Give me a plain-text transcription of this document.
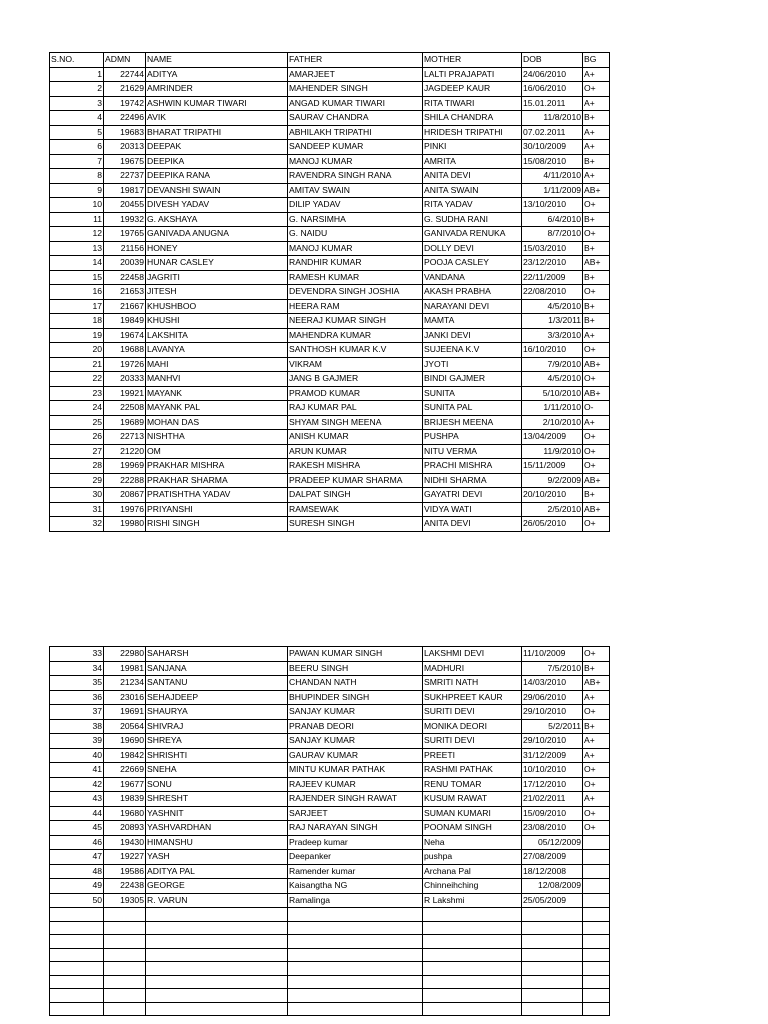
S.NO.	ADMN	NAME	FATHER	MOTHER	DOB	BG
1	22744	ADITYA	AMARJEET	LALTI PRAJAPATI	24/06/2010	A+
2	21629	AMRINDER	MAHENDER SINGH	JAGDEEP KAUR	16/06/2010	O+
3	19742	ASHWIN KUMAR TIWARI	ANGAD KUMAR TIWARI	RITA TIWARI	15.01.2011	A+
4	22496	AVIK	SAURAV CHANDRA	SHILA CHANDRA	11/8/2010	B+
5	19683	BHARAT TRIPATHI	ABHILAKH TRIPATHI	HRIDESH TRIPATHI	07.02.2011	A+
6	20313	DEEPAK	SANDEEP KUMAR	PINKI	30/10/2009	A+
7	19675	DEEPIKA	MANOJ KUMAR	AMRITA	15/08/2010	B+
8	22737	DEEPIKA RANA	RAVENDRA SINGH RANA	ANITA DEVI	4/11/2010	A+
9	19817	DEVANSHI SWAIN	AMITAV SWAIN	ANITA SWAIN	1/11/2009	AB+
10	20455	DIVESH YADAV	DILIP YADAV	RITA YADAV	13/10/2010	O+
11	19932	G. AKSHAYA	G. NARSIMHA	G. SUDHA RANI	6/4/2010	B+
12	19765	GANIVADA ANUGNA	G. NAIDU	GANIVADA RENUKA	8/7/2010	O+
13	21156	HONEY	MANOJ KUMAR	DOLLY DEVI	15/03/2010	B+
14	20039	HUNAR CASLEY	RANDHIR KUMAR	POOJA CASLEY	23/12/2010	AB+
15	22458	JAGRITI	RAMESH KUMAR	VANDANA	22/11/2009	B+
16	21653	JITESH	DEVENDRA SINGH JOSHIA	AKASH PRABHA	22/08/2010	O+
17	21667	KHUSHBOO	HEERA RAM	NARAYANI DEVI	4/5/2010	B+
18	19849	KHUSHI	NEERAJ KUMAR SINGH	MAMTA	1/3/2011	B+
19	19674	LAKSHITA	MAHENDRA KUMAR	JANKI DEVI	3/3/2010	A+
20	19688	LAVANYA	SANTHOSH KUMAR K.V	SUJEENA K.V	16/10/2010	O+
21	19726	MAHI	VIKRAM	JYOTI	7/9/2010	AB+
22	20333	MANHVI	JANG B GAJMER	BINDI GAJMER	4/5/2010	O+
23	19921	MAYANK	PRAMOD KUMAR	SUNITA	5/10/2010	AB+
24	22508	MAYANK PAL	RAJ KUMAR PAL	SUNITA PAL	1/11/2010	O-
25	19689	MOHAN DAS	SHYAM SINGH MEENA	BRIJESH MEENA	2/10/2010	A+
26	22713	NISHTHA	ANISH KUMAR	PUSHPA	13/04/2009	O+
27	21220	OM	ARUN KUMAR	NITU VERMA	11/9/2010	O+
28	19969	PRAKHAR MISHRA	RAKESH MISHRA	PRACHI MISHRA	15/11/2009	O+
29	22288	PRAKHAR SHARMA	PRADEEP KUMAR SHARMA	NIDHI SHARMA	9/2/2009	AB+
30	20867	PRATISHTHA YADAV	DALPAT SINGH	GAYATRI DEVI	20/10/2010	B+
31	19976	PRIYANSHI	RAMSEWAK	VIDYA WATI	2/5/2010	AB+
32	19980	RISHI SINGH	SURESH SINGH	ANITA DEVI	26/05/2010	O+
33	22980	SAHARSH	PAWAN KUMAR SINGH	LAKSHMI DEVI	11/10/2009	O+
34	19981	SANJANA	BEERU SINGH	MADHURI	7/5/2010	B+
35	21234	SANTANU	CHANDAN NATH	SMRITI NATH	14/03/2010	AB+
36	23016	SEHAJDEEP	BHUPINDER SINGH	SUKHPREET KAUR	29/06/2010	A+
37	19691	SHAURYA	SANJAY KUMAR	SURITI DEVI	29/10/2010	O+
38	20564	SHIVRAJ	PRANAB DEORI	MONIKA DEORI	5/2/2011	B+
39	19690	SHREYA	SANJAY KUMAR	SURITI DEVI	29/10/2010	A+
40	19842	SHRISHTI	GAURAV KUMAR	PREETI	31/12/2009	A+
41	22669	SNEHA	MINTU KUMAR PATHAK	RASHMI PATHAK	10/10/2010	O+
42	19677	SONU	RAJEEV KUMAR	RENU TOMAR	17/12/2010	O+
43	19839	SHRESHT	RAJENDER SINGH RAWAT	KUSUM RAWAT	21/02/2011	A+
44	19680	YASHNIT	SARJEET	SUMAN KUMARI	15/09/2010	O+
45	20893	YASHVARDHAN	RAJ NARAYAN SINGH	POONAM SINGH	23/08/2010	O+
46	19430	HIMANSHU	Pradeep kumar	Neha	05/12/2009	
47	19227	YASH	Deepanker	pushpa	27/08/2009	
48	19586	ADITYA PAL	Ramender kumar	Archana Pal	18/12/2008	
49	22438	GEORGE	Kaisangtha NG	Chinneihching	12/08/2009	
50	19305	R. VARUN	Ramalinga	R Lakshmi	25/05/2009	
